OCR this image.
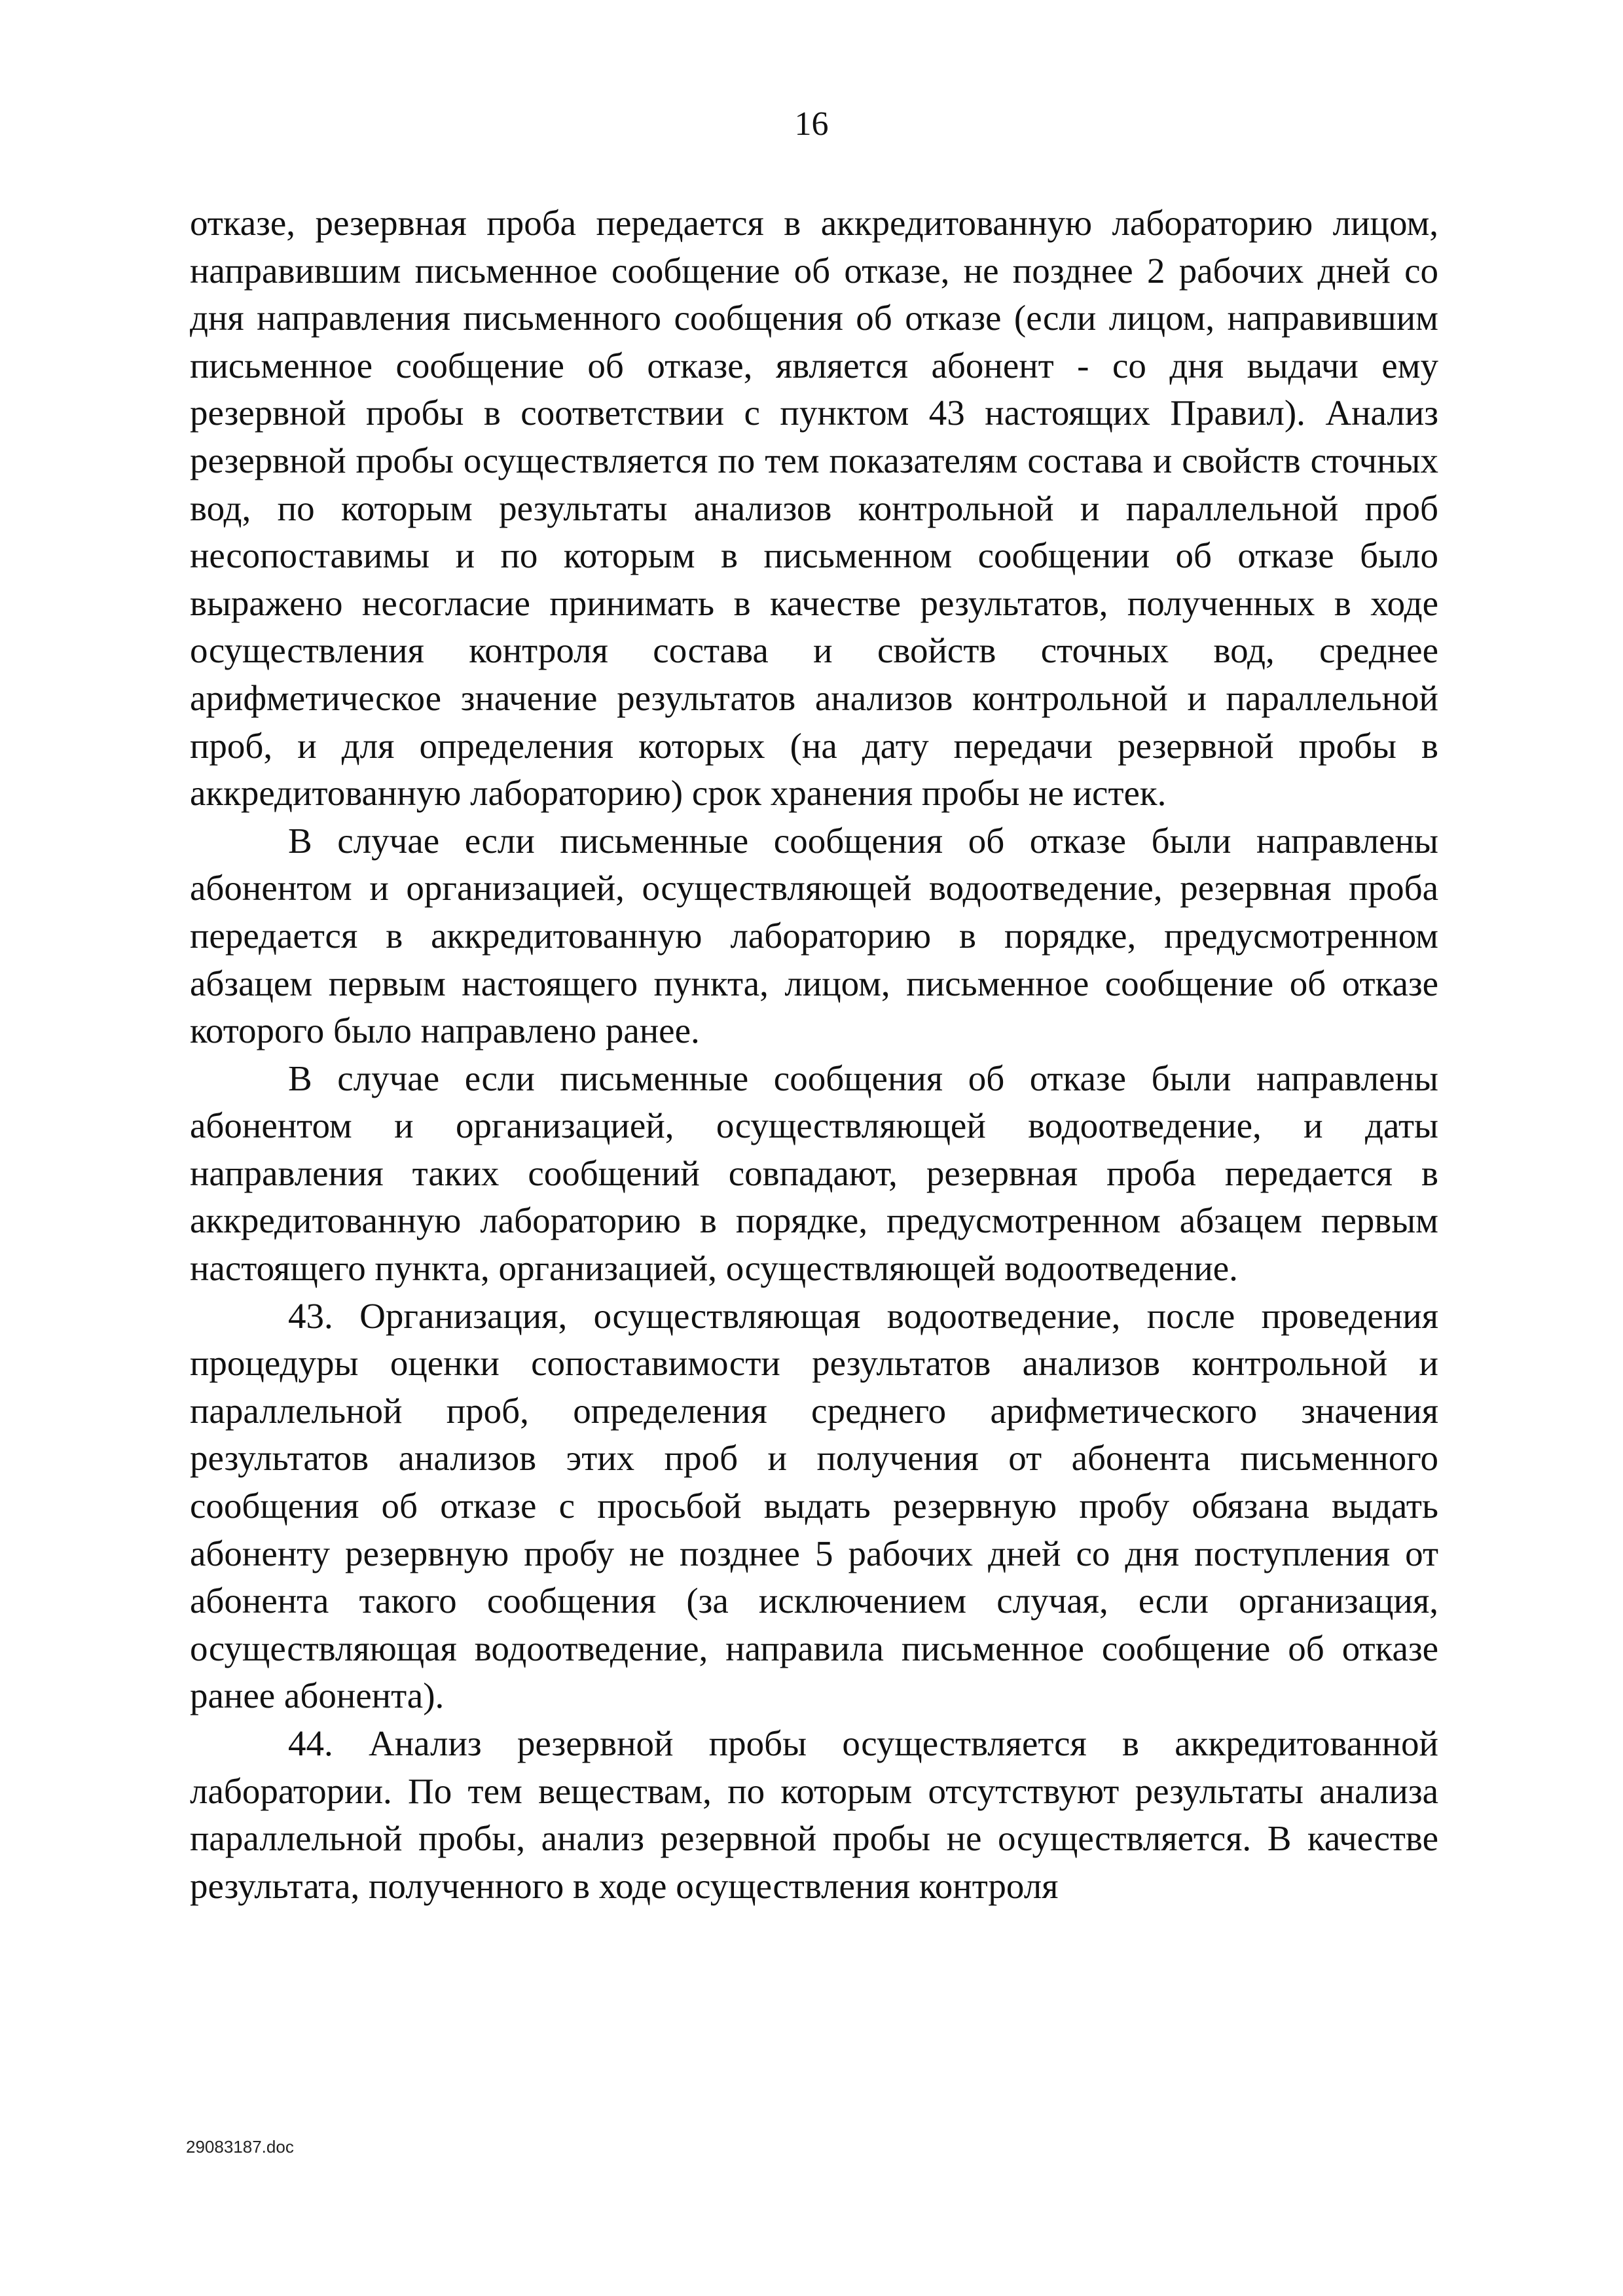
16

отказе, резервная проба передается в аккредитованную лабораторию лицом, направившим письменное сообщение об отказе, не позднее 2 рабочих дней со дня направления письменного сообщения об отказе (если лицом, направившим письменное сообщение об отказе, является абонент - со дня выдачи ему резервной пробы в соответствии с пунктом 43 настоящих Правил). Анализ резервной пробы осуществляется по тем показателям состава и свойств сточных вод, по которым результаты анализов контрольной и параллельной проб несопоставимы и по которым в письменном сообщении об отказе было выражено несогласие принимать в качестве результатов, полученных в ходе осуществления контроля состава и свойств сточных вод, среднее арифметическое значение результатов анализов контрольной и параллельной проб, и для определения которых (на дату передачи резервной пробы в аккредитованную лабораторию) срок хранения пробы не истек.

В случае если письменные сообщения об отказе были направлены абонентом и организацией, осуществляющей водоотведение, резервная проба передается в аккредитованную лабораторию в порядке, предусмотренном абзацем первым настоящего пункта, лицом, письменное сообщение об отказе которого было направлено ранее.

В случае если письменные сообщения об отказе были направлены абонентом и организацией, осуществляющей водоотведение, и даты направления таких сообщений совпадают, резервная проба передается в аккредитованную лабораторию в порядке, предусмотренном абзацем первым настоящего пункта, организацией, осуществляющей водоотведение.

43. Организация, осуществляющая водоотведение, после проведения процедуры оценки сопоставимости результатов анализов контрольной и параллельной проб, определения среднего арифметического значения результатов анализов этих проб и получения от абонента письменного сообщения об отказе с просьбой выдать резервную пробу обязана выдать абоненту резервную пробу не позднее 5 рабочих дней со дня поступления от абонента такого сообщения (за исключением случая, если организация, осуществляющая водоотведение, направила письменное сообщение об отказе ранее абонента).

44. Анализ резервной пробы осуществляется в аккредитованной лаборатории. По тем веществам, по которым отсутствуют результаты анализа параллельной пробы, анализ резервной пробы не осуществляется. В качестве результата, полученного в ходе осуществления контроля

29083187.doc
